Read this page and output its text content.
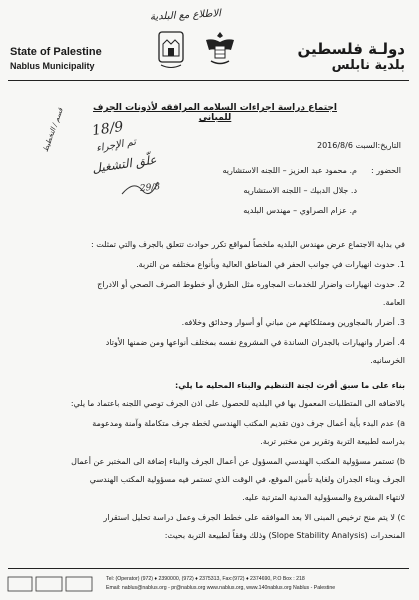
الاطلاع مع البلدية
State of Palestine
Nablus Municipality
دولـة فلسطين
بلدية نابلس
اجتماع دراسة اجراءات السلامه المرافقه لأذونات الجرف للمباني
قسم / التخطيط 18/9
تم الإجراء
علّق التشغيل
29/8
التاريخ:السبت 2016/8/6
الحضور :
م. محمود عبد العزيز – اللجنه الاستشاريه
د. جلال الدبيك – اللجنه الاستشاريه
م. عزام الصراوي – مهندس البلديه
في بداية الاجتماع عرض مهندس البلديه ملخصاً لمواقع تكرر حوادث تتعلق بالجرف والتي تمثلت :
1. حدوث انهيارات في جوانب الحفر في المناطق العالية وبأنواع مختلفه من التربة.
2. حدوث انهيارات واضرار للخدمات المجاوره مثل الطرق أو خطوط الصرف الصحي أو الادراج
العامة.
3. أضرار بالمجاورين وممتلكاتهم من مباني أو أسوار وحدائق وخلافه.
4. أضرار وانهيارات بالجدران الساندة في المشروع نفسه بمختلف أنواعها ومن ضمنها الأوتاد
الخرسانيه.
بناء على ما سبق أقرت لجنة التنظيم والبناء المحليه ما يلي:
بالاضافه الى المتطلبات المعمول بها في البلديه للحصول على اذن الجرف توصي اللجنه باعتماد ما يلي:
a) عدم البدء بأية أعمال جرف دون تقديم المكتب الهندسي لخطة جرف متكاملة وآمنة ومدعومة
بدراسه لطبيعة التربة وتقرير من مختبر تربة.
b) تستمر مسؤولية المكتب الهندسي المسؤول عن أعمال الجرف والبناء إضافة الى المختبر عن أعمال
الجرف وبناء الجدران ولغاية تأمين الموقع، في الوقت الذي تستمر فيه مسؤولية المكتب الهندسي
لانتهاء المشروع والمسؤولية المدنية المترتبة عليه.
c) لا يتم منح ترخيص المبنى الا بعد الموافقه على خطط الجرف وعمل دراسة تحليل استقرار
المنحدرات (Slope Stability Analysis) وذلك وفقاً لطبيعة التربة بحيث:
Tel: (Operator) (972) ♦ 2390000, (972) ♦ 2375313, Fax:(972) ♦ 2374690, P.O Box : 218
Email: nablus@nablus.org - pr@nablus.org www.nablus.org, www.140nablus.org Nablus - Palestine
